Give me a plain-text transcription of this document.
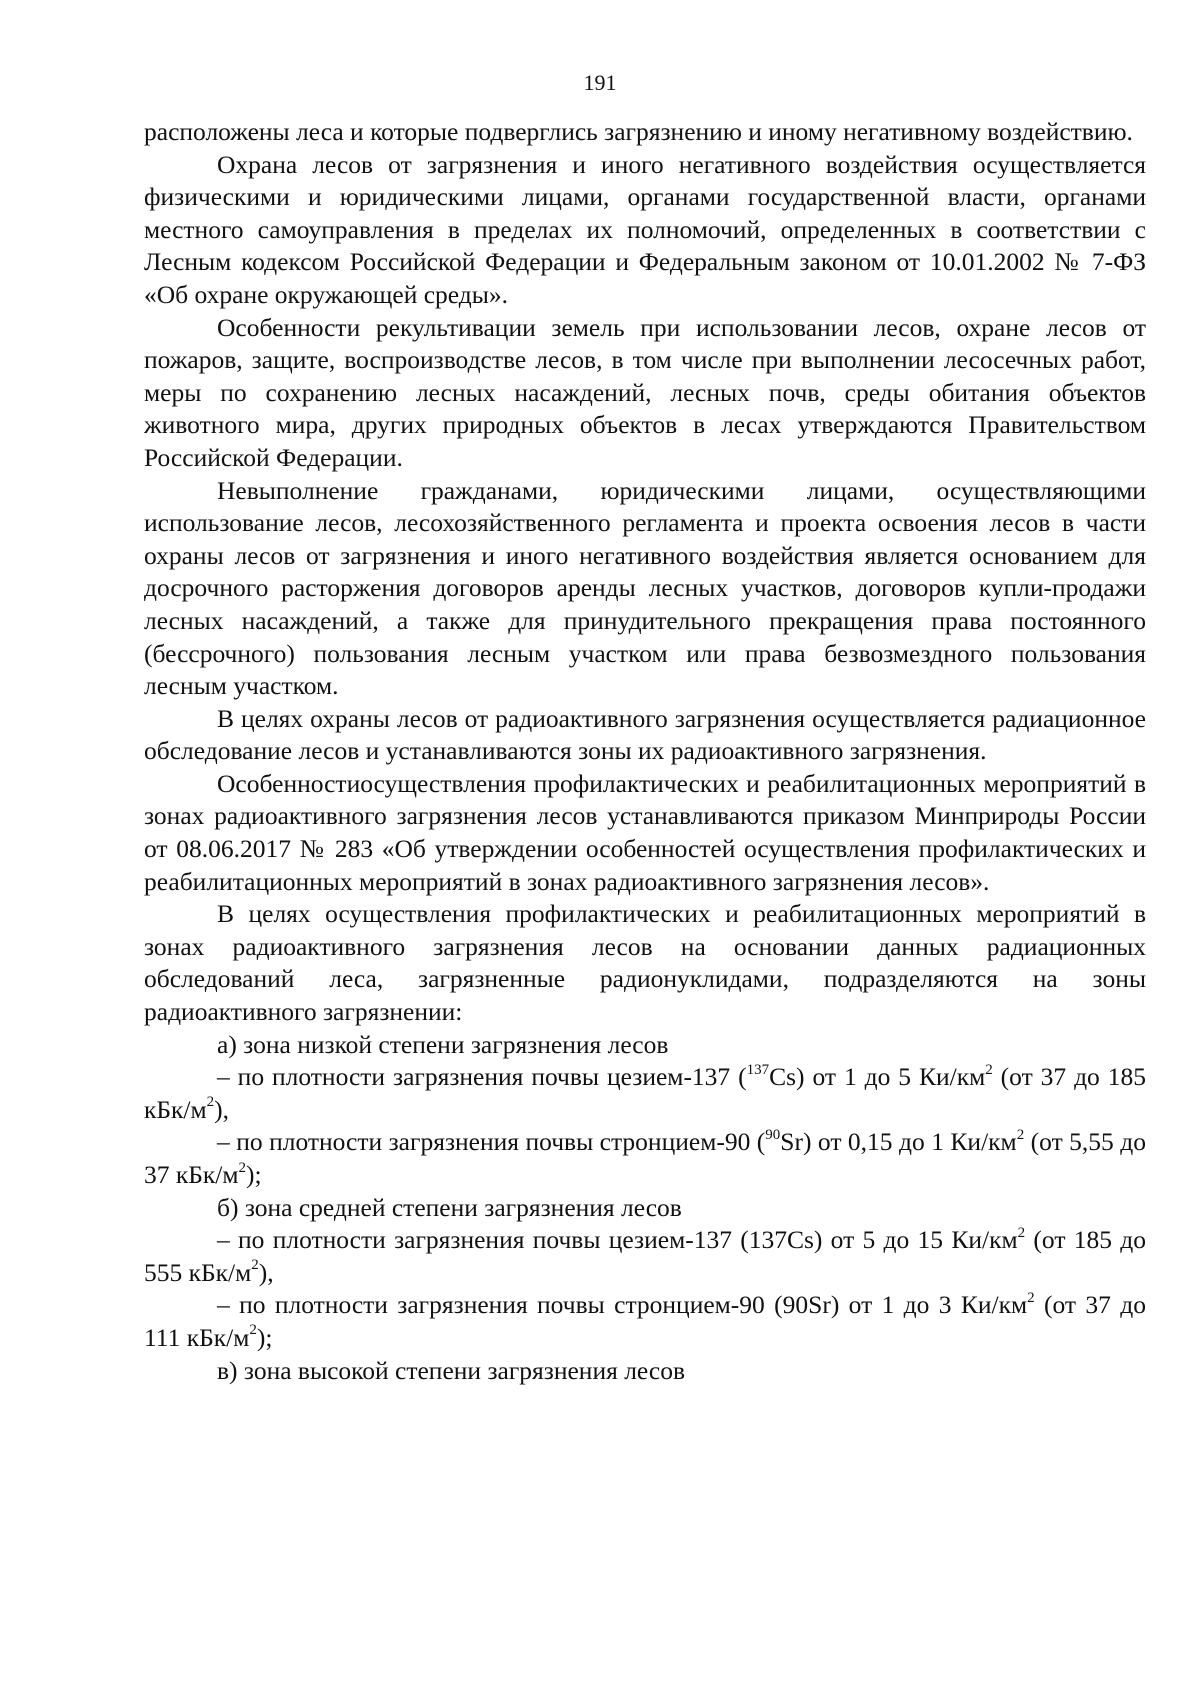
191

расположены леса и которые подверглись загрязнению и иному негативному воздействию.

Охрана лесов от загрязнения и иного негативного воздействия осуществляется физическими и юридическими лицами, органами государственной власти, органами местного самоуправления в пределах их полномочий, определенных в соответствии с Лесным кодексом Российской Федерации и Федеральным законом от 10.01.2002 № 7-ФЗ «Об охране окружающей среды».

Особенности рекультивации земель при использовании лесов, охране лесов от пожаров, защите, воспроизводстве лесов, в том числе при выполнении лесосечных работ, меры по сохранению лесных насаждений, лесных почв, среды обитания объектов животного мира, других природных объектов в лесах утверждаются Правительством Российской Федерации.

Невыполнение гражданами, юридическими лицами, осуществляющими использование лесов, лесохозяйственного регламента и проекта освоения лесов в части охраны лесов от загрязнения и иного негативного воздействия является основанием для досрочного расторжения договоров аренды лесных участков, договоров купли-продажи лесных насаждений, а также для принудительного прекращения права постоянного (бессрочного) пользования лесным участком или права безвозмездного пользования лесным участком.

В целях охраны лесов от радиоактивного загрязнения осуществляется радиационное обследование лесов и устанавливаются зоны их радиоактивного загрязнения.

Особенностиосуществления профилактических и реабилитационных мероприятий в зонах радиоактивного загрязнения лесов устанавливаются приказом Минприроды России от 08.06.2017 № 283 «Об утверждении особенностей осуществления профилактических и реабилитационных мероприятий в зонах радиоактивного загрязнения лесов».

В целях осуществления профилактических и реабилитационных мероприятий в зонах радиоактивного загрязнения лесов на основании данных радиационных обследований леса, загрязненные радионуклидами, подразделяются на зоны радиоактивного загрязнении:

а) зона низкой степени загрязнения лесов

– по плотности загрязнения почвы цезием-137 ($^{137}$Cs) от 1 до 5 $Ки/км^2$ (от 37 до 185 кБк/$м^2$),

– по плотности загрязнения почвы стронцием-90 ($^{90}$Sr) от 0,15 до 1 $Ки/км^2$ (от 5,55 до 37 кБк/$м^2$);

б) зона средней степени загрязнения лесов

– по плотности загрязнения почвы цезием-137 (137Cs) от 5 до 15 $Ки/км^2$ (от 185 до 555 кБк/$м^2$),

– по плотности загрязнения почвы стронцием-90 (90Sr) от 1 до 3 $Ки/км^2$ (от 37 до 111 кБк/$м^2$);

в) зона высокой степени загрязнения лесов
